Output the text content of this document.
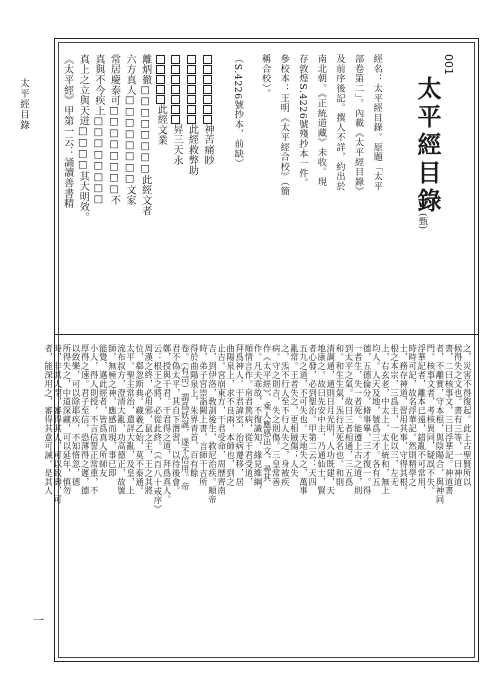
太平經目錄
一
001
太平經目錄
(甄)
經名：太平經目錄。原題「太平
部卷第二」。內載《太平經目錄》
及前序後記。撰人不詳，約出於
南北朝。《正統道藏》未收。現
存敦煌S.4226號殘抄本一件。
參校本：王明《太平經合校》（簡
稱合校）。
（S.4226號抄本，前缺）
神苦痛眇
此經救弊助
昇三天永
此經文業
離炳徹□□□□□□□□此經文者
六方真人□□□□□□□□文家
常居慶泰可□□□□□□□□不
真與不今疾上□□□□□□□□
真上之立與天迸□□□□其大明效。
《太平經》甲第一云：誦讀善書精
之，災害不得復起。此上古聖賢所以
候得失之文也。書有三等，一曰神道
書，二曰核事文，三曰浮華記。神道書
者，不離實，守本根，與陰陽合，與神同
門。核事文者，考核異同，疑誤不失。
浮華記者，離本已遠，錯亂不可常用，
時時可記，故名浮華記。然則精學之
士，務存神道，習用其事，守得其根。
根之本宗，三爲主，一化以三，左无
上，右玄老，中太上，太上統和，無上
均人。人天及地，號爲三才。各有五
德，五德倫分，脩事畢，三才復一。得
一者生，失一者死。能遵上古之道，則
到太平之氣。故曰三者相通，三五爲
和。和生生氣，炁行无死名也。和則
清調通，通則日月光明，人功既建，天
地康之。故曰先安中主，乃通仙士，賢
者心發，必到聖治。甲第二云：天四
五九之道，不可失也。天地失之，萬事
亂常。王者失之，更相賊傷；人失
之，炁不行人至不行人失之，身被疾
病。守之則吉，失之則傷。三皇常善
作《太平經》，乘人應感出文，尋其
作。凡夫乖故，不復識知，緣見維綱，
順情言作。帛君篤病，從干君受道，
拜爲神人。干君諱室，治病遷移，居
曲陽泉上，求不良兩，本師也，到之
止吉。宮崩東方，干君受命，周歷齊南
吉，到伊洛，敎訓後生，救尼治疾。順帝
時，弟子宮崇詣闕上書，言師干吉所
得於曲陽泉上，朱界青首，百有餘
卷。（有司）謂爲妖誕，遂不信用。帝
君不偽太平，其自下潛習，以待後會。
鄭，授與干君。干君得之道，拜爲真人。
云：根王之將，必從此終。（《百八十戒序》
周漢之終，必用邪，鼠之主，王之其將
位，郗忽斯典。藏羲乙始，莫不泰通。
太平。聖主常治，遣詳大亂，及皇，上
流布叔方，澄清大亂，功高德正，故號
師，無極之神，應感而現，事已即
能覺，邁此經者，皆爲真人所師友
小人，得人則授，不言信誓正常重，不
厚得之速。君子至信，恐薄得之遲，德
以致樂，可以除耶疾，不知惰忽，德
所得失之，中道深藏，可以延年，慎勿
時，非其人閉，審得其人，可以致壽，可
者，能深用之，審得其意可誡。是其人
